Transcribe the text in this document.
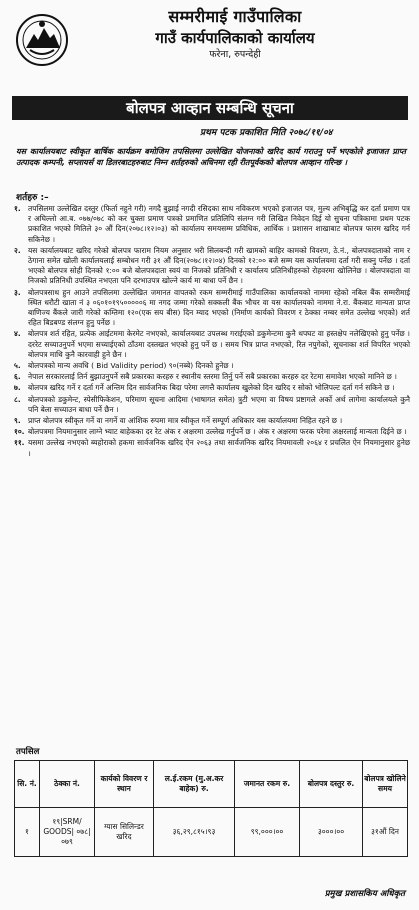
सम्मरीमाई गाउँपालिका
गाउँ कार्यपालिकाको कार्यालय
फरेना, रुपन्देही
बोलपत्र आव्हान सम्बन्धि सूचना
प्रथम पटक प्रकाशित मिति २०७८/११/०४
यस कार्यालयबाट स्वीकृत बार्षिक कार्यक्रम बमोजिम तपसिलमा उल्लेखित योजनाको खरिद कार्य गराउनु पर्ने भएकोले इजाजत प्राप्त उत्पादक कम्पनी, सप्लायर्स वा डिलरबाटहरुबाट निम्न शर्तहरुको अधिनमा रही रीतपूर्वकको बोलपत्र आव्हान गरिन्छ ।
शर्तहरु :–
१. तपसिलमा उल्लेखित दस्तुर (फिर्ता नहुने गरी) नगदै बुझाई नगदी रसिदका साथ नविकरण भएको इजाजत पत्र, मुल्य अभिबृद्धि कर दर्ता प्रमाण पत्र र अघिल्लो आ.ब. ०७७/०७८ को कर चुक्ता प्रमाण पत्रको प्रमाणित प्रतिलिपि संलग्न गरी लिखित निवेदन दिई यो सुचना पत्रिकामा प्रथम पटक प्रकाशित भएको मितिले ३० औं दिन(२०७८।१२।०३) को कार्यालय समयसम्म प्रविधिक, आर्थिक । प्रशासन शाखाबाट बोलपत्र फारम खरिद गर्न सकिनेछ ।
२. यस कार्यालयबाट खरिद गरेको बोलपत्र फाराम नियम अनुसार भरी सिलबन्दी गरी खामको बाहिर कामको विवरण, ठे.नं., बोलपत्रदाताको नाम र ठेगाना समेत खोली कार्यालयलाई सम्बोधन गरी ३१ औं दिन(२०७८।१२।०४) दिनको १२:०० बजे सम्म यस कार्यालयमा दर्ता गरी सक्नु पर्नेछ । दर्ता भएको बोलपत्र सोही दिनको १:०० बजे बोलपत्रदाता स्वयं वा निजको प्रतिनिधी र कार्यालय प्रतिनिधीहरुको रोहवरमा खोलिनेछ । बोलपत्रदाता वा निजको प्रतिनिधी उपस्थित नभएता पनि दरभाउपत्र खोल्ने कार्य मा बाधा पर्ने छैन ।
३. बोलपत्रसाथ हुन आउने तपसिलमा उल्लेखित जमानत वापतको रकम सम्मरीमाई गाउँपालिका कार्यालयको नाममा रहेको नबिल बैंक सम्मरीमाई स्थित धरौटी खाता नं ३ ०६०१०१९५०००००६ मा नगद जम्मा गरेको सक्कली बैंक भौचर वा यस कार्यालयको नाममा ने.रा. बैंकबाट मान्यता प्राप्त बाणिज्य बैंकले जारी गरेको कम्तिमा १२०(एक सय बीस) दिन म्याद भएको (निर्माण कार्यको विवरण र ठेक्का नम्बर समेत उल्लेख भएको) शर्त रहित बिडबण्ड संलग्न हुनु पर्नेछ ।
४. बोलपत्र शर्त रहित, प्रत्येक आईटममा केरमेट नभएको, कार्यालयबाट उपलब्ध गराईएको डकुमेन्टमा कुनै थपघट वा हस्तक्षेप नलेखिएको हुनु पर्नेछ । दररेट सच्याउनुपर्ने भएमा सच्याईएको ठाँउमा दस्तखत भएको हुनु पर्ने छ । समय भित्र प्राप्त नभएको, रित नपुगेको, सूचनाका शर्त विपरित भएको बोलपत्र माथि कुनै कारवाही हुने छैन ।
५. बोलपत्रको मान्य अवधि ( Bid Validity period) ९०(नब्बे) दिनको हुनेछ ।
६. नेपाल सरकारलाई तिर्न बुझाउनुपर्ने सबै प्रकारका करहरु र स्थानीय स्तरमा तिर्नु पर्ने सबै प्रकारका करहरु दर रेटमा समावेश भएको मानिने छ ।
७. बोलपत्र खरिद गर्ने र दर्ता गर्ने अन्तिम दिन सार्वजनिक बिदा परेमा लगत्तै कार्यालय खुलेको दिन खरिद र सोको भोलिपल्ट दर्ता गर्न सकिने छ ।
८. बोलपत्रको डकुमेन्ट, स्पेसीफिकेशन, परिमाण सूचना आदिमा (भाषागत समेत) त्रुटी भएमा वा विषय प्रष्टागले अर्को अर्थ लागेमा कार्यालयले कुनै पनि बेला सच्याउन बाधा पर्ने छैन ।
९. प्राप्त बोलपत्र स्वीकृत गर्ने वा नगर्ने वा आंशिक रुपमा मात्र स्वीकृत गर्ने सम्पूर्ण अधिकार यस कार्यालयमा निहित रहने छ ।
१०. बोलपत्रमा नियमानुसार लाग्ने भ्याट बाहेकका दर रेट अंक र अक्षरमा उल्लेख गर्नुपर्ने छ । अंक र अक्षरमा फरक परेमा अक्षरलाई मान्यता दिईने छ ।
११. यसमा उल्लेख नभएको ब्यहोराको हकमा सार्वजनिक खरिद ऐन २०६३ तथा सार्वजनिक खरिद नियमावली २०६४ र प्रचलित ऐन नियमानुसार हुनेछ ।
तपसिल
सि. नं.	ठेक्का नं.	कार्यको विवरण र स्थान	ल.ई.रकम (मु.अ.कर बाहेक) रु.	जमानत रकम रु.	बोलपत्र दस्तुर रु.	बोलपत्र खोलिने समय
१	१९|SRM/ GOODS| ०७८|०७९	ग्यास सिलिन्डर खरिद	३६,२९,८१५।९३	९९,०००।००	३०००।००	३१औं दिन
प्रमुख प्रशासकिय अधिकृत
